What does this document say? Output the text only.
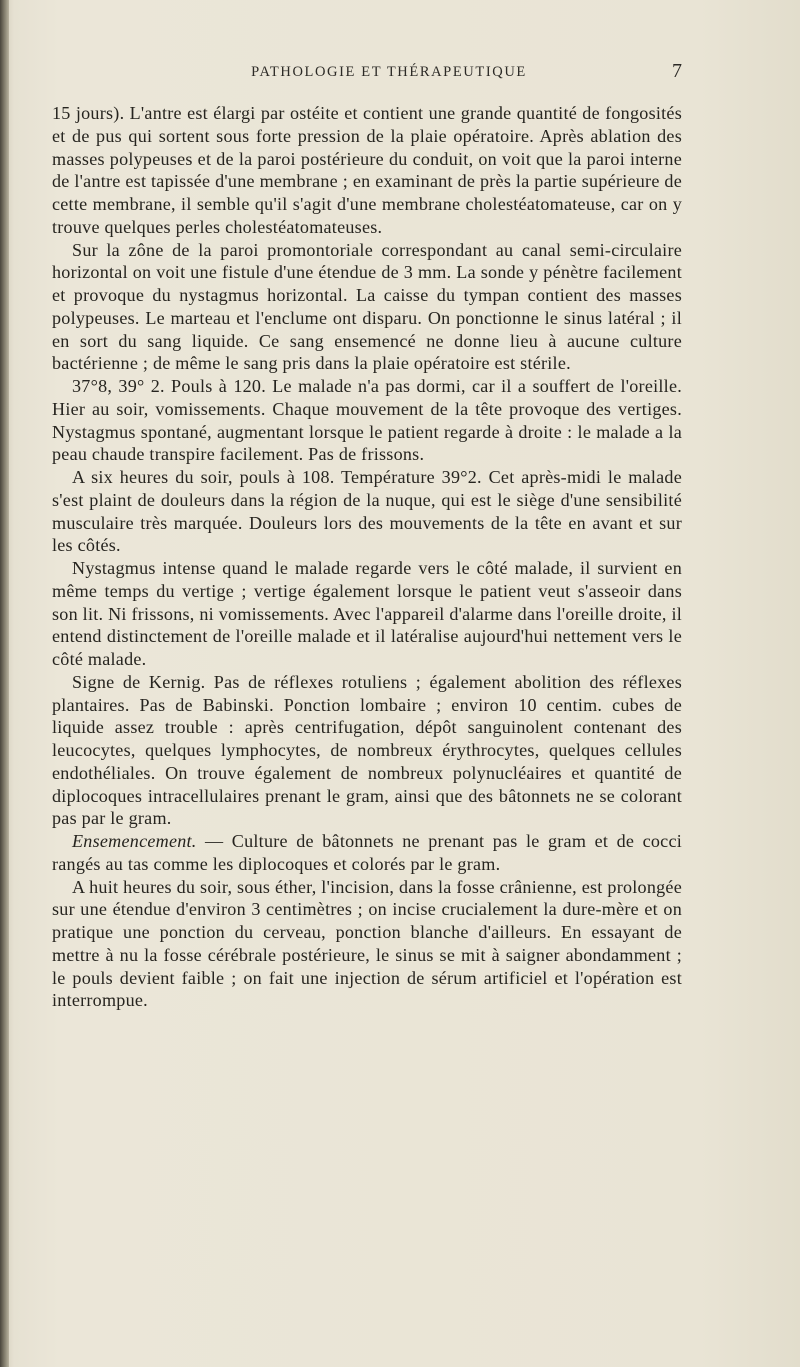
PATHOLOGIE ET THÉRAPEUTIQUE	7

15 jours). L'antre est élargi par ostéite et contient une grande quantité de fongosités et de pus qui sortent sous forte pression de la plaie opératoire. Après ablation des masses polypeuses et de la paroi postérieure du conduit, on voit que la paroi interne de l'antre est tapissée d'une membrane ; en examinant de près la partie supérieure de cette membrane, il semble qu'il s'agit d'une membrane cholestéatomateuse, car on y trouve quelques perles cholestéatomateuses.

Sur la zône de la paroi promontoriale correspondant au canal semi-circulaire horizontal on voit une fistule d'une étendue de 3 mm. La sonde y pénètre facilement et provoque du nystagmus horizontal. La caisse du tympan contient des masses polypeuses. Le marteau et l'enclume ont disparu. On ponctionne le sinus latéral ; il en sort du sang liquide. Ce sang ensemencé ne donne lieu à aucune culture bactérienne ; de même le sang pris dans la plaie opératoire est stérile.

37°8, 39° 2. Pouls à 120. Le malade n'a pas dormi, car il a souffert de l'oreille. Hier au soir, vomissements. Chaque mouvement de la tête provoque des vertiges. Nystagmus spontané, augmentant lorsque le patient regarde à droite : le malade a la peau chaude transpire facilement. Pas de frissons.

A six heures du soir, pouls à 108. Température 39°2. Cet après-midi le malade s'est plaint de douleurs dans la région de la nuque, qui est le siège d'une sensibilité musculaire très marquée. Douleurs lors des mouvements de la tête en avant et sur les côtés.

Nystagmus intense quand le malade regarde vers le côté malade, il survient en même temps du vertige ; vertige également lorsque le patient veut s'asseoir dans son lit. Ni frissons, ni vomissements. Avec l'appareil d'alarme dans l'oreille droite, il entend distinctement de l'oreille malade et il latéralise aujourd'hui nettement vers le côté malade.

Signe de Kernig. Pas de réflexes rotuliens ; également abolition des réflexes plantaires. Pas de Babinski. Ponction lombaire ; environ 10 centim. cubes de liquide assez trouble : après centrifugation, dépôt sanguinolent contenant des leucocytes, quelques lymphocytes, de nombreux érythrocytes, quelques cellules endothéliales. On trouve également de nombreux polynucléaires et quantité de diplocoques intracellulaires prenant le gram, ainsi que des bâtonnets ne se colorant pas par le gram.

Ensemencement. — Culture de bâtonnets ne prenant pas le gram et de cocci rangés au tas comme les diplocoques et colorés par le gram.

A huit heures du soir, sous éther, l'incision, dans la fosse crânienne, est prolongée sur une étendue d'environ 3 centimètres ; on incise crucialement la dure-mère et on pratique une ponction du cerveau, ponction blanche d'ailleurs. En essayant de mettre à nu la fosse cérébrale postérieure, le sinus se mit à saigner abondamment ; le pouls devient faible ; on fait une injection de sérum artificiel et l'opération est interrompue.
